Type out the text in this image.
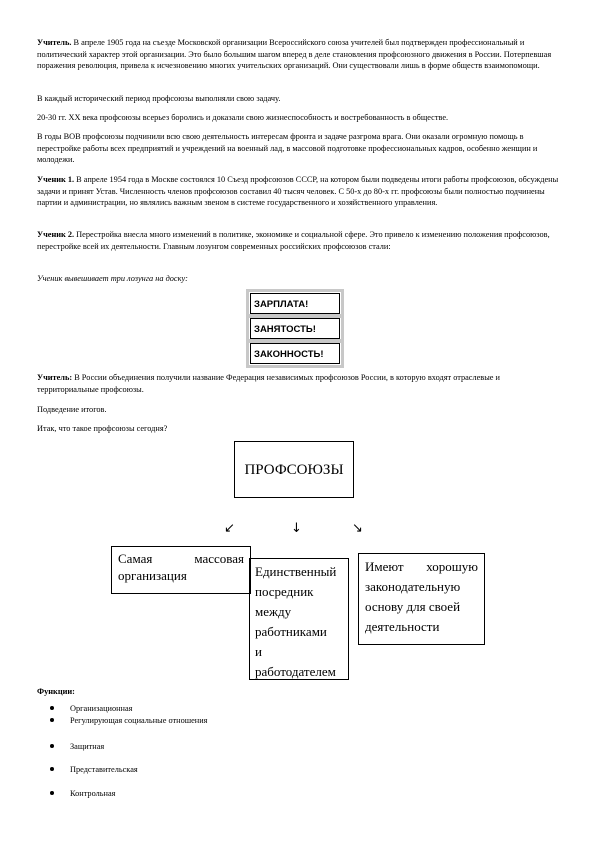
Учитель. В апреле 1905 года на съезде Московской организации Всероссийского союза учителей был подтвержден профессиональный и политический характер этой организации. Это было большим шагом вперед в деле становления профсоюзного движения в России. Потерпевшая поражения революция, привела к исчезновению многих учительских организаций. Они существовали лишь в форме обществ взаимопомощи.

В каждый исторический период профсоюзы выполняли свою задачу.

20-30 гг. XX века профсоюзы всерьез боролись и доказали свою жизнеспособность и востребованность в обществе.

В годы ВОВ профсоюзы подчинили всю свою деятельность интересам фронта и задаче разгрома врага. Они оказали огромную помощь в перестройке работы всех предприятий и учреждений на военный лад, в массовой подготовке профессиональных кадров, особенно женщин и молодежи.

Ученик 1. В апреле 1954 года в Москве состоялся 10 Съезд профсоюзов СССР, на котором были подведены итоги работы профсоюзов, обсуждены задачи и принят Устав. Численность членов профсоюзов составил 40 тысяч человек. С 50-х до 80-х гг. профсоюзы были полностью подчинены партии и администрации, но являлись важным звеном в системе государственного и хозяйственного управления.

Ученик 2. Перестройка внесла много изменений в политике, экономике и социальной сфере. Это привело к изменению положения профсоюзов, перестройке всей их деятельности. Главным лозунгом современных российских профсоюзов стали:

Ученик вывешивает три лозунга на доску:

ЗАРПЛАТА!
ЗАНЯТОСТЬ!
ЗАКОННОСТЬ!

Учитель: В России объединения получили название Федерация независимых профсоюзов России, в которую входят отраслевые и территориальные профсоюзы.

Подведение итогов.

Итак, что такое профсоюзы сегодня?

ПРОФСОЮЗЫ
↙	↓	↘
Самая	массовая
организация	Единственный
посредник
между
работниками
и
работодателем
Имеют хорошую
законодательную
основу для своей
деятельности

Функции:

Организационная
Регулирующая социальные отношения
Защитная
Представительская
Контрольная
